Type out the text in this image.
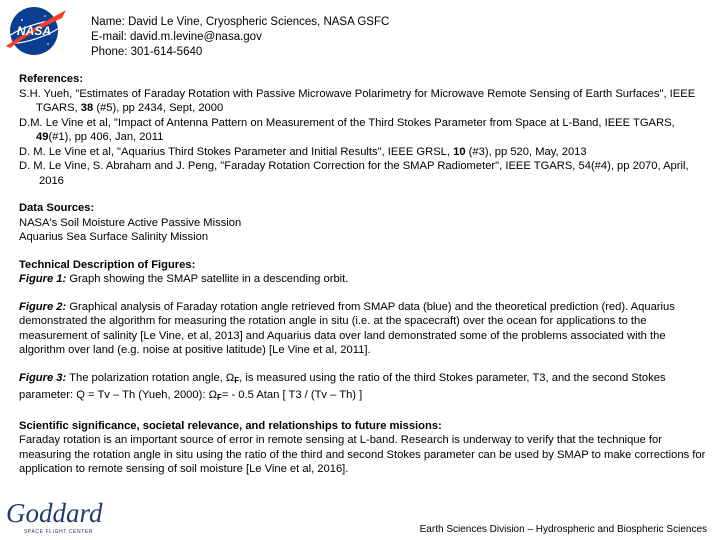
NASA
Name: David Le Vine, Cryospheric Sciences, NASA GSFC
E-mail: david.m.levine@nasa.gov
Phone: 301-614-5640
References:
S.H. Yueh, "Estimates of Faraday Rotation with Passive Microwave Polarimetry for Microwave Remote Sensing of Earth Surfaces", IEEE TGARS, 38 (#5), pp 2434, Sept, 2000
D.M. Le Vine et al, "Impact of Antenna Pattern on Measurement of the Third Stokes Parameter from Space at L-Band, IEEE TGARS, 49(#1), pp 406, Jan, 2011
D. M. Le Vine et al, "Aquarius Third Stokes Parameter and Initial Results", IEEE GRSL, 10 (#3), pp 520, May, 2013
D. M. Le Vine, S. Abraham and J. Peng, "Faraday Rotation Correction for the SMAP Radiometer", IEEE TGARS, 54(#4), pp 2070, April, 2016
Data Sources:
NASA's Soil Moisture Active Passive Mission
Aquarius Sea Surface Salinity Mission
Technical Description of Figures:
Figure 1: Graph showing the SMAP satellite in a descending orbit.
Figure 2: Graphical analysis of Faraday rotation angle retrieved from SMAP data (blue) and the theoretical prediction (red). Aquarius demonstrated the algorithm for measuring the rotation angle in situ (i.e. at the spacecraft) over the ocean for applications to the measurement of salinity [Le Vine, et al, 2013] and Aquarius data over land demonstrated some of the problems associated with the algorithm over land (e.g. noise at positive latitude) [Le Vine et al, 2011].
Figure 3: The polarization rotation angle, $\Omega_F$, is measured using the ratio of the third Stokes parameter, T3, and the second Stokes parameter: Q = Tv – Th (Yueh, 2000): $\Omega_F= - 0.5$ Atan [ T3 / (Tv – Th) ]
Scientific significance, societal relevance, and relationships to future missions:
Faraday rotation is an important source of error in remote sensing at L-band. Research is underway to verify that the technique for measuring the rotation angle in situ using the ratio of the third and second Stokes parameter can be used by SMAP to make corrections for application to remote sensing of soil moisture [Le Vine et al, 2016].
Goddard
SPACE FLIGHT CENTER	Earth Sciences Division – Hydrospheric and Biospheric Sciences
